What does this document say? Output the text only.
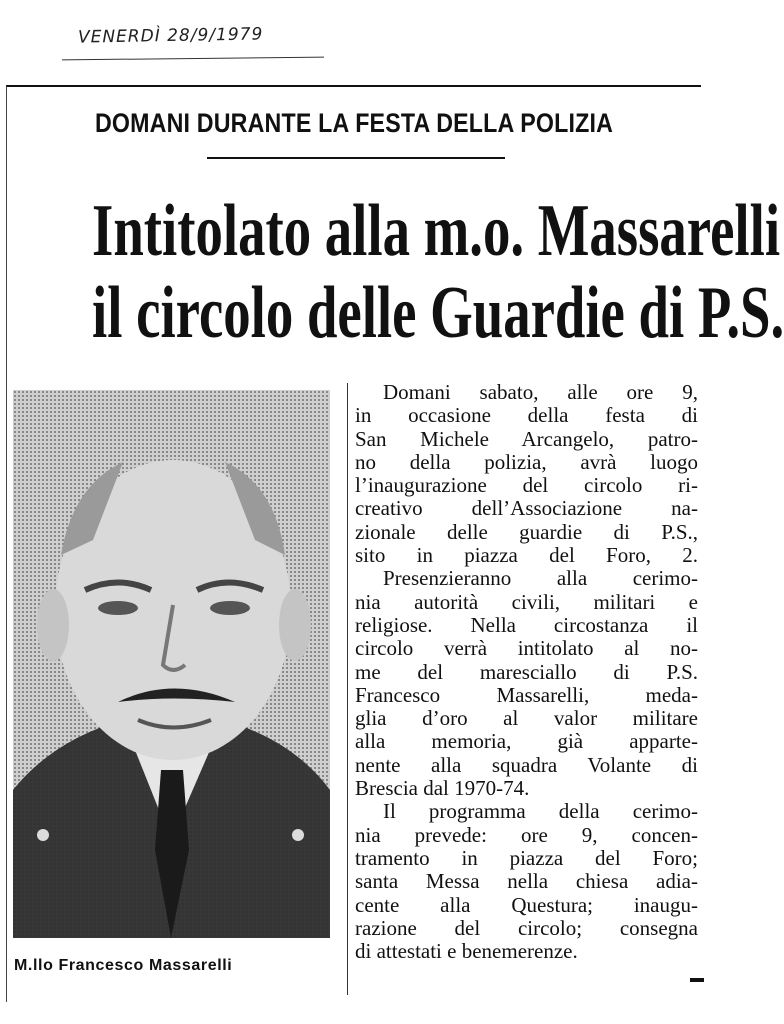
VENERDÌ 28/9/1979
DOMANI DURANTE LA FESTA DELLA POLIZIA
Intitolato alla m.o. Massarelli
il circolo delle Guardie di P.S.
M.llo Francesco Massarelli
Domani sabato, alle ore 9,
in occasione della festa di
San Michele Arcangelo, patro-
no della polizia, avrà luogo
l’inaugurazione del circolo ri-
creativo dell’Associazione na-
zionale delle guardie di P.S.,
sito in piazza del Foro, 2.
Presenzieranno alla cerimo-
nia autorità civili, militari e
religiose. Nella circostanza il
circolo verrà intitolato al no-
me del maresciallo di P.S.
Francesco Massarelli, meda-
glia d’oro al valor militare
alla memoria, già apparte-
nente alla squadra Volante di
Brescia dal 1970-74.
Il programma della cerimo-
nia prevede: ore 9, concen-
tramento in piazza del Foro;
santa Messa nella chiesa adia-
cente alla Questura; inaugu-
razione del circolo; consegna
di attestati e benemerenze.
